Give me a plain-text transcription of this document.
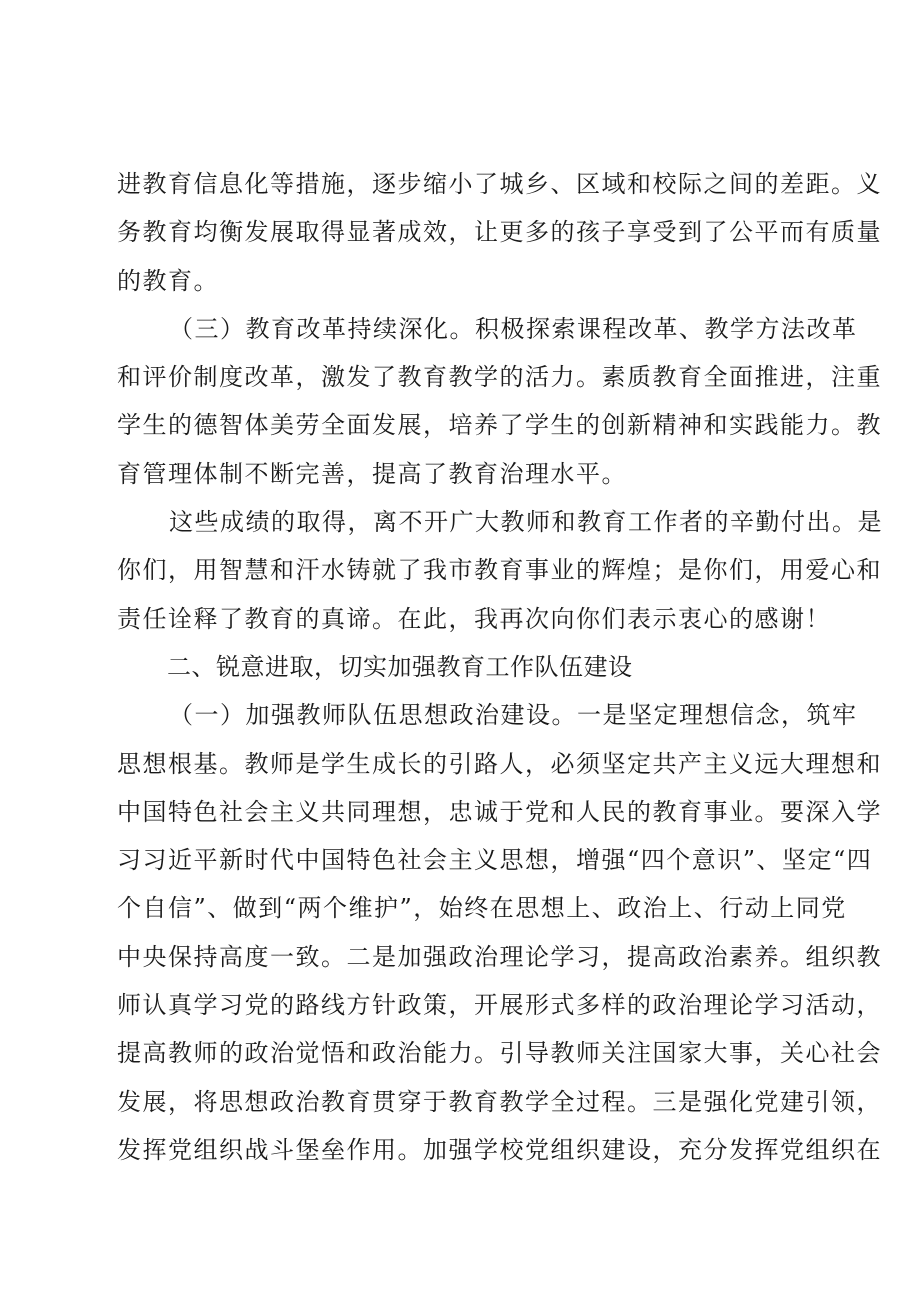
进教育信息化等措施，逐步缩小了城乡、区域和校际之间的差距。义
务教育均衡发展取得显著成效，让更多的孩子享受到了公平而有质量
的教育。
（三）教育改革持续深化。积极探索课程改革、教学方法改革
和评价制度改革，激发了教育教学的活力。素质教育全面推进，注重
学生的德智体美劳全面发展，培养了学生的创新精神和实践能力。教
育管理体制不断完善，提高了教育治理水平。
这些成绩的取得，离不开广大教师和教育工作者的辛勤付出。是
你们，用智慧和汗水铸就了我市教育事业的辉煌；是你们，用爱心和
责任诠释了教育的真谛。在此，我再次向你们表示衷心的感谢！
二、锐意进取，切实加强教育工作队伍建设
（一）加强教师队伍思想政治建设。一是坚定理想信念，筑牢
思想根基。教师是学生成长的引路人，必须坚定共产主义远大理想和
中国特色社会主义共同理想，忠诚于党和人民的教育事业。要深入学
习习近平新时代中国特色社会主义思想，增强“四个意识”、坚定“四
个自信”、做到“两个维护”，始终在思想上、政治上、行动上同党
中央保持高度一致。二是加强政治理论学习，提高政治素养。组织教
师认真学习党的路线方针政策，开展形式多样的政治理论学习活动，
提高教师的政治觉悟和政治能力。引导教师关注国家大事，关心社会
发展，将思想政治教育贯穿于教育教学全过程。三是强化党建引领，
发挥党组织战斗堡垒作用。加强学校党组织建设，充分发挥党组织在
